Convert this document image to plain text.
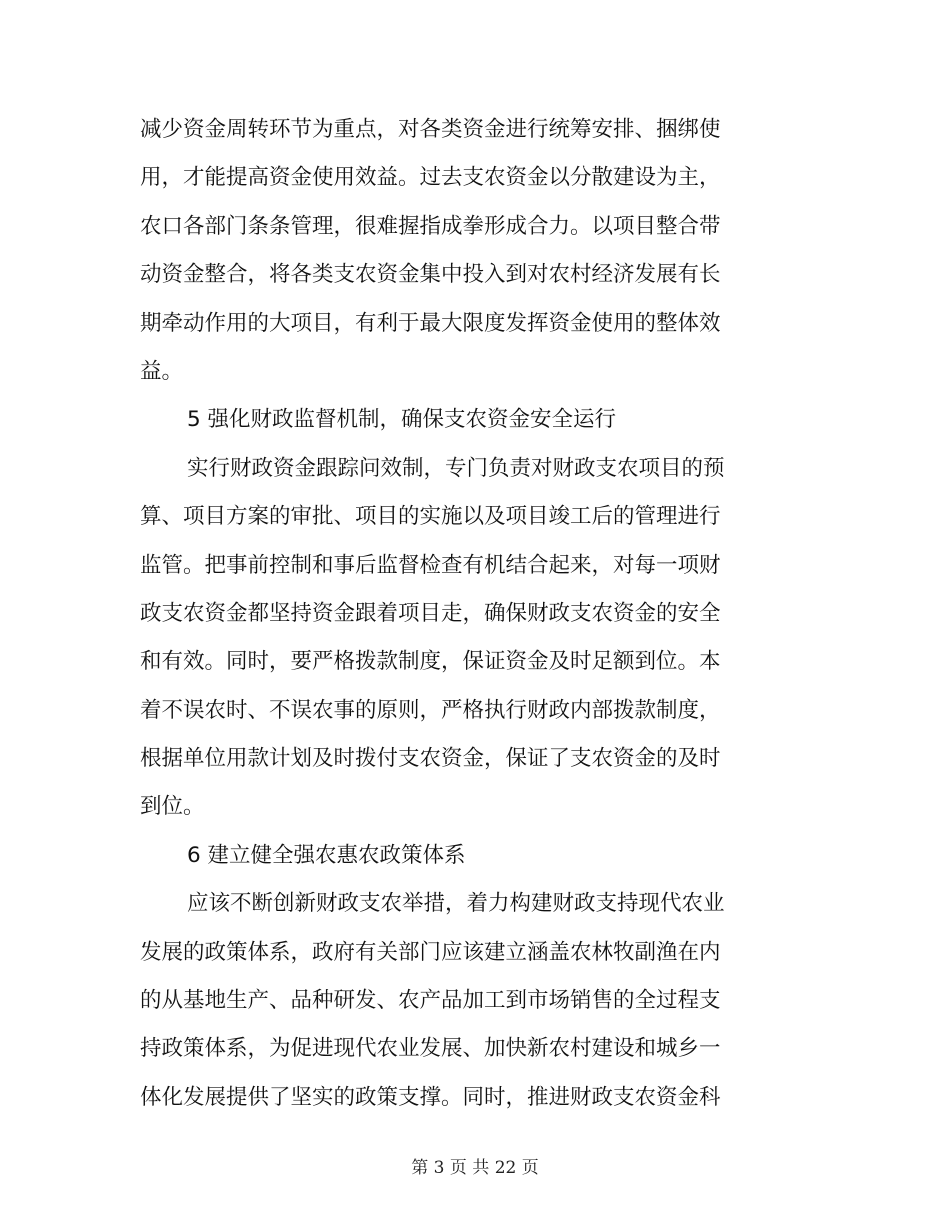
减少资金周转环节为重点，对各类资金进行统筹安排、捆绑使
用，才能提高资金使用效益。过去支农资金以分散建设为主，
农口各部门条条管理，很难握指成拳形成合力。以项目整合带
动资金整合，将各类支农资金集中投入到对农村经济发展有长
期牵动作用的大项目，有利于最大限度发挥资金使用的整体效
益。
5 强化财政监督机制，确保支农资金安全运行
实行财政资金跟踪问效制，专门负责对财政支农项目的预
算、项目方案的审批、项目的实施以及项目竣工后的管理进行
监管。把事前控制和事后监督检查有机结合起来，对每一项财
政支农资金都坚持资金跟着项目走，确保财政支农资金的安全
和有效。同时，要严格拨款制度，保证资金及时足额到位。本
着不误农时、不误农事的原则，严格执行财政内部拨款制度，
根据单位用款计划及时拨付支农资金，保证了支农资金的及时
到位。
6 建立健全强农惠农政策体系
应该不断创新财政支农举措，着力构建财政支持现代农业
发展的政策体系，政府有关部门应该建立涵盖农林牧副渔在内
的从基地生产、品种研发、农产品加工到市场销售的全过程支
持政策体系，为促进现代农业发展、加快新农村建设和城乡一
体化发展提供了坚实的政策支撑。同时，推进财政支农资金科
第 3 页 共 22 页
